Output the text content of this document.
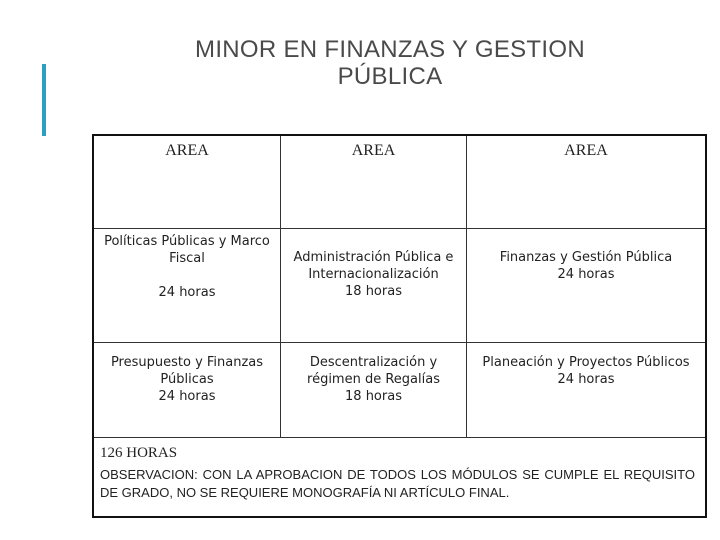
MINOR EN FINANZAS Y GESTION
PÚBLICA
AREA	AREA	AREA
Políticas Públicas y Marco Fiscal
24 horas
Administración Pública e Internacionalización
18 horas
Finanzas y Gestión Pública
24 horas
Presupuesto y Finanzas Públicas
24 horas
Descentralización y régimen de Regalías
18 horas
Planeación y Proyectos Públicos
24 horas
126 HORAS
OBSERVACION: CON LA APROBACION DE TODOS LOS MÓDULOS SE CUMPLE EL REQUISITO DE GRADO, NO SE REQUIERE MONOGRAFÍA NI ARTÍCULO FINAL.
